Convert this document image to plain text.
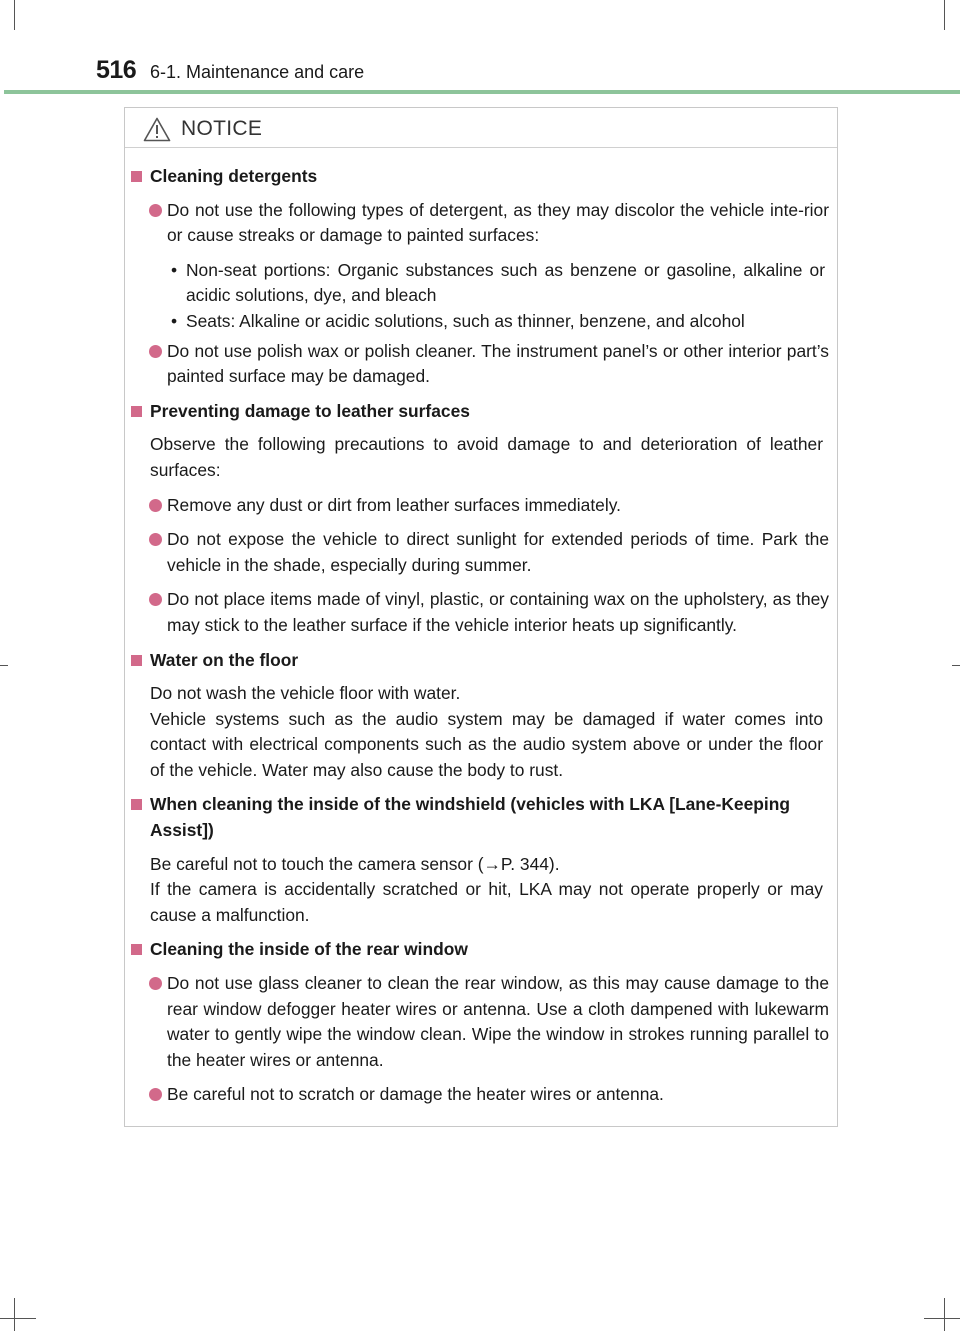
516 6-1. Maintenance and care
NOTICE
Cleaning detergents
Do not use the following types of detergent, as they may discolor the vehicle inte-rior or cause streaks or damage to painted surfaces:
• Non-seat portions: Organic substances such as benzene or gasoline, alkaline or acidic solutions, dye, and bleach
• Seats: Alkaline or acidic solutions, such as thinner, benzene, and alcohol
Do not use polish wax or polish cleaner. The instrument panel’s or other interior part’s painted surface may be damaged.
Preventing damage to leather surfaces
Observe the following precautions to avoid damage to and deterioration of leather surfaces:
Remove any dust or dirt from leather surfaces immediately.
Do not expose the vehicle to direct sunlight for extended periods of time. Park the vehicle in the shade, especially during summer.
Do not place items made of vinyl, plastic, or containing wax on the upholstery, as they may stick to the leather surface if the vehicle interior heats up significantly.
Water on the floor
Do not wash the vehicle floor with water.
Vehicle systems such as the audio system may be damaged if water comes into contact with electrical components such as the audio system above or under the floor of the vehicle. Water may also cause the body to rust.
When cleaning the inside of the windshield (vehicles with LKA [Lane-Keeping Assist])
Be careful not to touch the camera sensor (→P. 344).
If the camera is accidentally scratched or hit, LKA may not operate properly or may cause a malfunction.
Cleaning the inside of the rear window
Do not use glass cleaner to clean the rear window, as this may cause damage to the rear window defogger heater wires or antenna. Use a cloth dampened with lukewarm water to gently wipe the window clean. Wipe the window in strokes running parallel to the heater wires or antenna.
Be careful not to scratch or damage the heater wires or antenna.
